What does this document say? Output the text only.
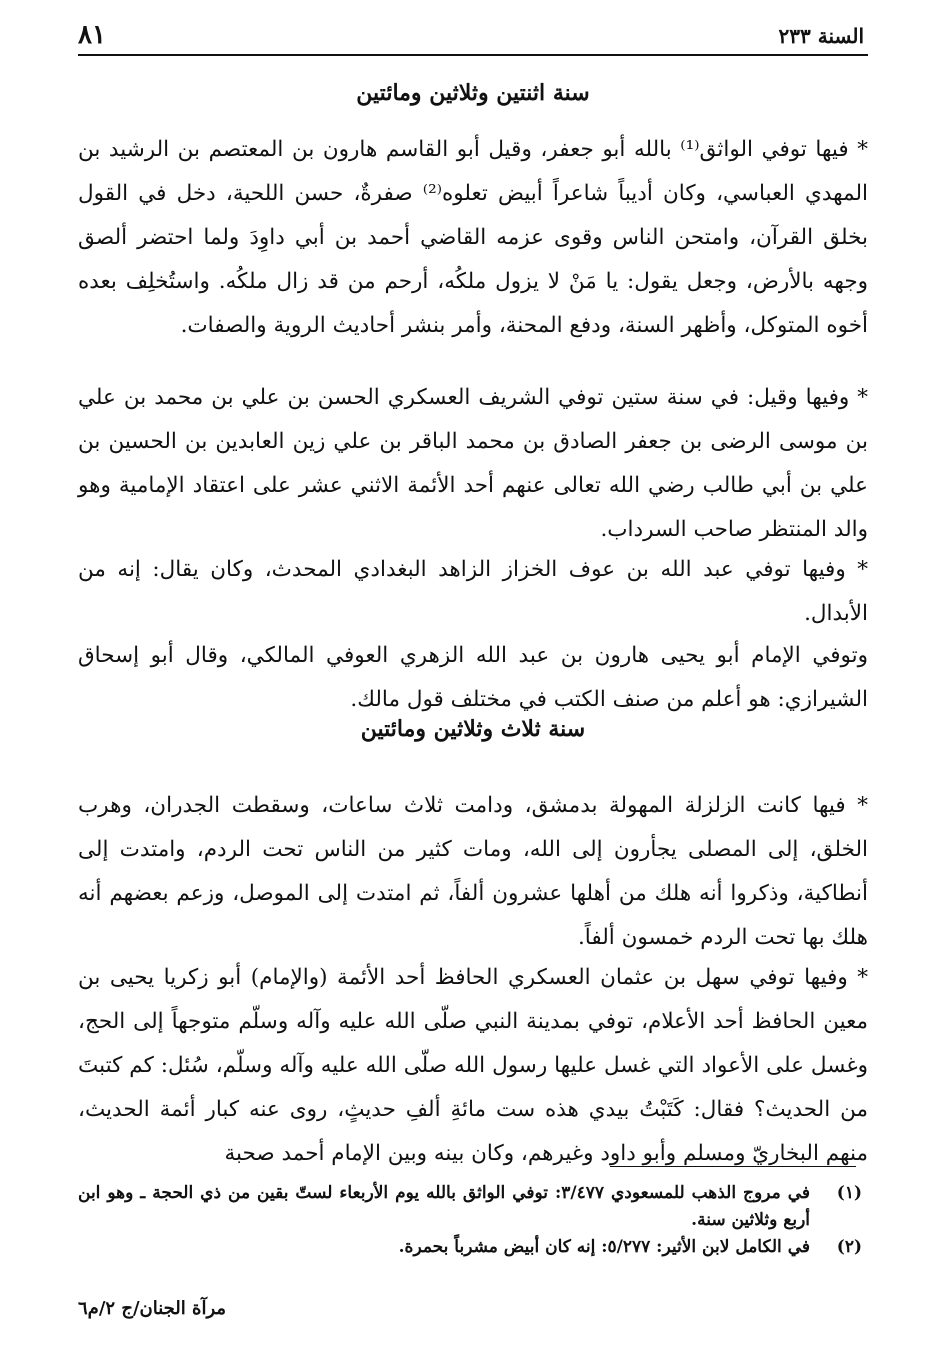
السنة ٢٣٣
٨١
سنة اثنتين وثلاثين ومائتين

* فيها توفي الواثق⁽¹⁾ بالله أبو جعفر، وقيل أبو القاسم هارون بن المعتصم بن الرشيد بن المهدي العباسي، وكان أديباً شاعراً أبيض تعلوه⁽²⁾ صفرةٌ، حسن اللحية، دخل في القول بخلق القرآن، وامتحن الناس وقوى عزمه القاضي أحمد بن أبي داوِدَ ولما احتضر ألصق وجهه بالأرض، وجعل يقول: يا مَنْ لا يزول ملكُه، أرحم من قد زال ملكُه. واستُخلِف بعده أخوه المتوكل، وأظهر السنة، ودفع المحنة، وأمر بنشر أحاديث الروية والصفات.

* وفيها وقيل: في سنة ستين توفي الشريف العسكري الحسن بن علي بن محمد بن علي بن موسى الرضى بن جعفر الصادق بن محمد الباقر بن علي زين العابدين بن الحسين بن علي بن أبي طالب رضي الله تعالى عنهم أحد الأئمة الاثني عشر على اعتقاد الإمامية وهو والد المنتظر صاحب السرداب.

* وفيها توفي عبد الله بن عوف الخزاز الزاهد البغدادي المحدث، وكان يقال: إنه من الأبدال.

وتوفي الإمام أبو يحيى هارون بن عبد الله الزهري العوفي المالكي، وقال أبو إسحاق الشيرازي: هو أعلم من صنف الكتب في مختلف قول مالك.

سنة ثلاث وثلاثين ومائتين

* فيها كانت الزلزلة المهولة بدمشق، ودامت ثلاث ساعات، وسقطت الجدران، وهرب الخلق، إلى المصلى يجأرون إلى الله، ومات كثير من الناس تحت الردم، وامتدت إلى أنطاكية، وذكروا أنه هلك من أهلها عشرون ألفاً، ثم امتدت إلى الموصل، وزعم بعضهم أنه هلك بها تحت الردم خمسون ألفاً.

* وفيها توفي سهل بن عثمان العسكري الحافظ أحد الأئمة (والإمام) أبو زكريا يحيى بن معين الحافظ أحد الأعلام، توفي بمدينة النبي صلّى الله عليه وآله وسلّم متوجهاً إلى الحج، وغسل على الأعواد التي غسل عليها رسول الله صلّى الله عليه وآله وسلّم، سُئل: كم كتبتَ من الحديث؟ فقال: كَتَبْتُ بيدي هذه ست مائةِ ألفِ حديثٍ، روى عنه كبار أئمة الحديث، منهم البخاريّ ومسلم وأبو داود وغيرهم، وكان بينه وبين الإمام أحمد صحبة

(١)
في مروج الذهب للمسعودي ٣/٤٧٧: توفي الواثق بالله يوم الأربعاء لستّ بقين من ذي الحجة ـ وهو ابن أربع وثلاثين سنة.
(٢)
في الكامل لابن الأثير: ٥/٢٧٧: إنه كان أبيض مشرباً بحمرة.
مرآة الجنان/ج ٢/م٦
